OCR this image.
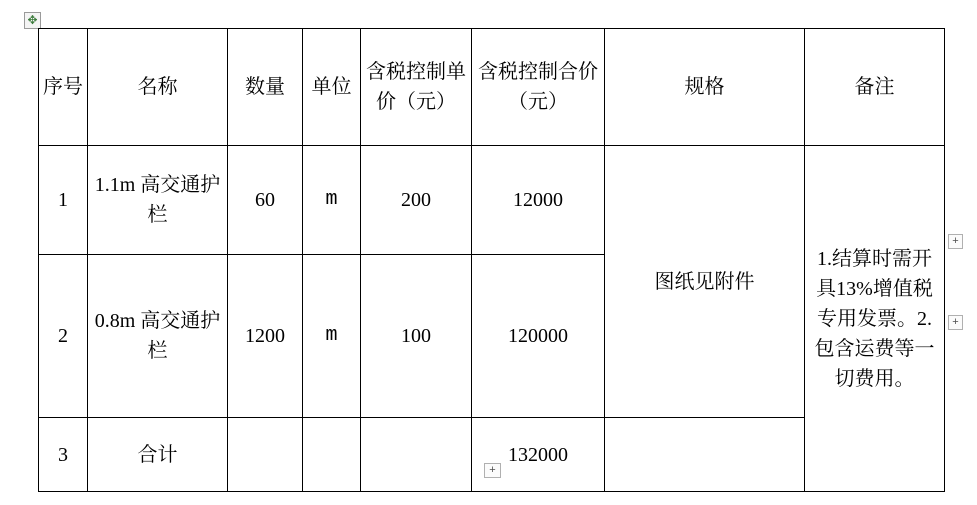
✥
+
+
+
序号	名称	数量	单位	含税控制单价（元）	含税控制合价（元）	规格	备注
1	1.1m 高交通护栏	60	m	200	12000	图纸见附件	1.结算时需开具13%增值税专用发票。2.包含运费等一切费用。
2	0.8m 高交通护栏	1200	m	100	120000		
3	合计				132000		
